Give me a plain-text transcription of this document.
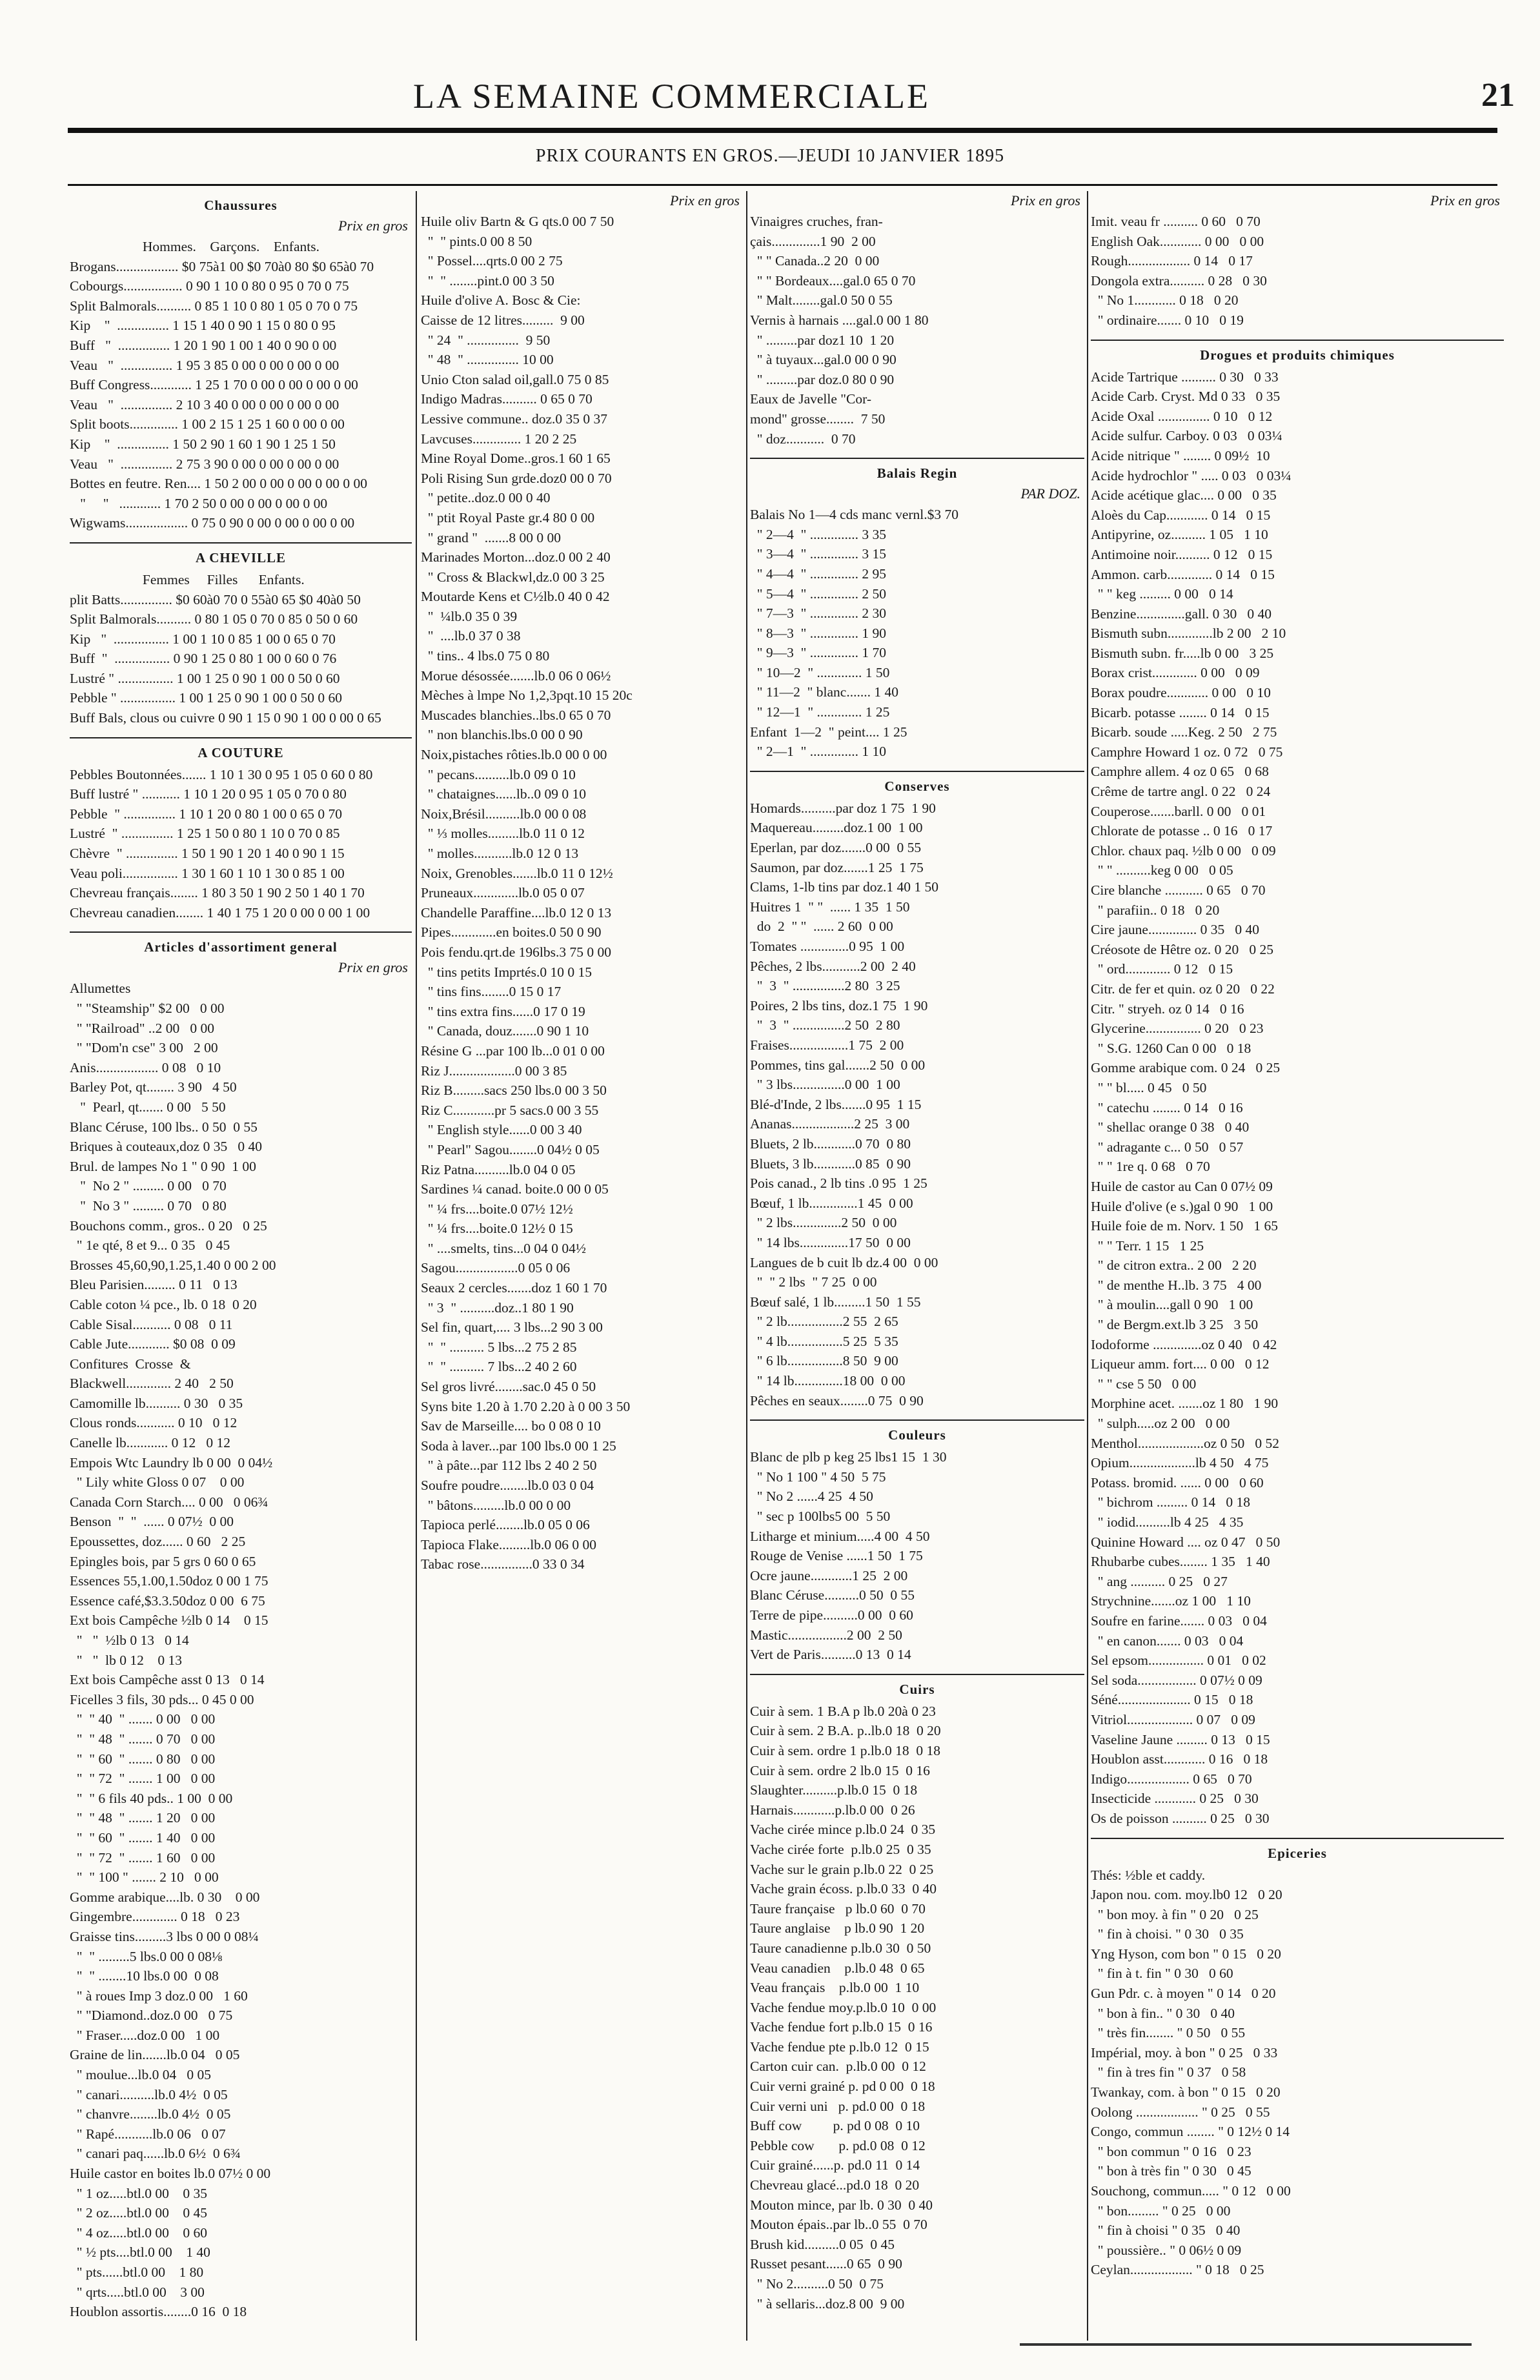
LA SEMAINE COMMERCIALE	21
PRIX COURANTS EN GROS.—JEUDI 10 JANVIER 1895
Chaussures
Prix en gros
Hommes.    Garçons.    Enfants.
Brogans.................. $0 75à1 00 $0 70à0 80 $0 65à0 70
Cobourgs................. 0 90 1 10 0 80 0 95 0 70 0 75
Split Balmorals.......... 0 85 1 10 0 80 1 05 0 70 0 75
Kip    "  ............... 1 15 1 40 0 90 1 15 0 80 0 95
Buff   "  ............... 1 20 1 90 1 00 1 40 0 90 0 00
Veau   "  ............... 1 95 3 85 0 00 0 00 0 00 0 00
Buff Congress............ 1 25 1 70 0 00 0 00 0 00 0 00
Veau   "  ............... 2 10 3 40 0 00 0 00 0 00 0 00
Split boots.............. 1 00 2 15 1 25 1 60 0 00 0 00
Kip    "  ............... 1 50 2 90 1 60 1 90 1 25 1 50
Veau   "  ............... 2 75 3 90 0 00 0 00 0 00 0 00
Bottes en feutre. Ren.... 1 50 2 00 0 00 0 00 0 00 0 00
"     "   ............ 1 70 2 50 0 00 0 00 0 00 0 00
Wigwams.................. 0 75 0 90 0 00 0 00 0 00 0 00
A CHEVILLE
Femmes     Filles      Enfants.
plit Batts............... $0 60à0 70 0 55à0 65 $0 40à0 50
Split Balmorals.......... 0 80 1 05 0 70 0 85 0 50 0 60
Kip   "  ................ 1 00 1 10 0 85 1 00 0 65 0 70
Buff  "  ................ 0 90 1 25 0 80 1 00 0 60 0 76
Lustré " ................ 1 00 1 25 0 90 1 00 0 50 0 60
Pebble " ................ 1 00 1 25 0 90 1 00 0 50 0 60
Buff Bals, clous ou cuivre 0 90 1 15 0 90 1 00 0 00 0 65
A COUTURE
Pebbles Boutonnées....... 1 10 1 30 0 95 1 05 0 60 0 80
Buff lustré " ........... 1 10 1 20 0 95 1 05 0 70 0 80
Pebble  " ............... 1 10 1 20 0 80 1 00 0 65 0 70
Lustré  " ............... 1 25 1 50 0 80 1 10 0 70 0 85
Chèvre  " ............... 1 50 1 90 1 20 1 40 0 90 1 15
Veau poli................ 1 30 1 60 1 10 1 30 0 85 1 00
Chevreau français........ 1 80 3 50 1 90 2 50 1 40 1 70
Chevreau canadien........ 1 40 1 75 1 20 0 00 0 00 1 00
Articles d'assortiment general
Prix en gros
Allumettes
" "Steamship" $2 00   0 00
" "Railroad" ..2 00   0 00
" "Dom'n cse" 3 00   2 00
Anis.................. 0 08   0 10
Barley Pot, qt........ 3 90   4 50
"  Pearl, qt....... 0 00   5 50
Blanc Céruse, 100 lbs.. 0 50  0 55
Briques à couteaux,doz 0 35   0 40
Brul. de lampes No 1 " 0 90  1 00
"  No 2 " ......... 0 00   0 70
"  No 3 " ......... 0 70   0 80
Bouchons comm., gros.. 0 20   0 25
" 1e qté, 8 et 9... 0 35   0 45
Brosses 45,60,90,1.25,1.40 0 00 2 00
Bleu Parisien......... 0 11   0 13
Cable coton ¼ pce., lb. 0 18  0 20
Cable Sisal........... 0 08   0 11
Cable Jute............ $0 08  0 09
Confitures  Crosse  &
Blackwell............. 2 40   2 50
Camomille lb.......... 0 30   0 35
Clous ronds........... 0 10   0 12
Canelle lb............ 0 12   0 12
Empois Wtc Laundry lb 0 00  0 04½
" Lily white Gloss 0 07    0 00
Canada Corn Starch.... 0 00   0 06¾
Benson  "  "  ...... 0 07½  0 00
Epoussettes, doz...... 0 60   2 25
Epingles bois, par 5 grs 0 60 0 65
Essences 55,1.00,1.50doz 0 00 1 75
Essence café,$3.3.50doz 0 00  6 75
Ext bois Campêche ½lb 0 14    0 15
"   "  ½lb 0 13   0 14
"   "  lb 0 12    0 13
Ext bois Campêche asst 0 13   0 14
Ficelles 3 fils, 30 pds... 0 45 0 00
"  " 40  " ....... 0 00   0 00
"  " 48  " ....... 0 70   0 00
"  " 60  " ....... 0 80   0 00
"  " 72  " ....... 1 00   0 00
"  " 6 fils 40 pds.. 1 00  0 00
"  " 48  " ....... 1 20   0 00
"  " 60  " ....... 1 40   0 00
"  " 72  " ....... 1 60   0 00
"  " 100 " ....... 2 10   0 00
Gomme arabique....lb. 0 30    0 00
Gingembre............. 0 18   0 23
Graisse tins.........3 lbs 0 00 0 08¼
"  " .........5 lbs.0 00 0 08⅛
"  " ........10 lbs.0 00  0 08
" à roues Imp 3 doz.0 00   1 60
" "Diamond..doz.0 00   0 75
" Fraser.....doz.0 00   1 00
Graine de lin.......lb.0 04   0 05
" moulue...lb.0 04   0 05
" canari..........lb.0 4½  0 05
" chanvre........lb.0 4½  0 05
" Rapé...........lb.0 06   0 07
" canari paq......lb.0 6½  0 6¾
Huile castor en boites lb.0 07½ 0 00
" 1 oz.....btl.0 00    0 35
" 2 oz.....btl.0 00    0 45
" 4 oz.....btl.0 00    0 60
" ½ pts....btl.0 00    1 40
" pts......btl.0 00    1 80
" qrts.....btl.0 00    3 00
Houblon assortis........0 16  0 18
Prix en gros
Huile oliv Bartn & G qts.0 00 7 50
"  " pints.0 00 8 50
" Possel....qrts.0 00 2 75
"  " ........pint.0 00 3 50
Huile d'olive A. Bosc & Cie:
Caisse de 12 litres.........  9 00
" 24  " ...............  9 50
" 48  " ............... 10 00
Unio Cton salad oil,gall.0 75 0 85
Indigo Madras.......... 0 65 0 70
Lessive commune.. doz.0 35 0 37
Lavcuses.............. 1 20 2 25
Mine Royal Dome..gros.1 60 1 65
Poli Rising Sun grde.doz0 00 0 70
" petite..doz.0 00 0 40
" ptit Royal Paste gr.4 80 0 00
" grand "  .......8 00 0 00
Marinades Morton...doz.0 00 2 40
" Cross & Blackwl,dz.0 00 3 25
Moutarde Kens et C½lb.0 40 0 42
"  ¼lb.0 35 0 39
"  ....lb.0 37 0 38
" tins.. 4 lbs.0 75 0 80
Morue désossée.......lb.0 06 0 06½
Mèches à lmpe No 1,2,3pqt.10 15 20c
Muscades blanchies..lbs.0 65 0 70
" non blanchis.lbs.0 00 0 90
Noix,pistaches rôties.lb.0 00 0 00
" pecans..........lb.0 09 0 10
" chataignes......lb..0 09 0 10
Noix,Brésil..........lb.0 00 0 08
" ⅓ molles.........lb.0 11 0 12
" molles...........lb.0 12 0 13
Noix, Grenobles.......lb.0 11 0 12½
Pruneaux.............lb.0 05 0 07
Chandelle Paraffine....lb.0 12 0 13
Pipes.............en boites.0 50 0 90
Pois fendu.qrt.de 196lbs.3 75 0 00
" tins petits Imprtés.0 10 0 15
" tins fins........0 15 0 17
" tins extra fins......0 17 0 19
" Canada, douz.......0 90 1 10
Résine G ...par 100 lb...0 01 0 00
Riz J...................0 00 3 85
Riz B.........sacs 250 lbs.0 00 3 50
Riz C............pr 5 sacs.0 00 3 55
" English style......0 00 3 40
" Pearl" Sagou........0 04½ 0 05
Riz Patna..........lb.0 04 0 05
Sardines ¼ canad. boite.0 00 0 05
" ¼ frs....boite.0 07½ 12½
" ¼ frs....boite.0 12½ 0 15
" ....smelts, tins...0 04 0 04½
Sagou..................0 05 0 06
Seaux 2 cercles.......doz 1 60 1 70
" 3  " ..........doz..1 80 1 90
Sel fin, quart,.... 3 lbs...2 90 3 00
"  " .......... 5 lbs...2 75 2 85
"  " .......... 7 lbs...2 40 2 60
Sel gros livré........sac.0 45 0 50
Syns bite 1.20 à 1.70 2.20 à 0 00 3 50
Sav de Marseille.... bo 0 08 0 10
Soda à laver...par 100 lbs.0 00 1 25
" à pâte...par 112 lbs 2 40 2 50
Soufre poudre........lb.0 03 0 04
" bâtons.........lb.0 00 0 00
Tapioca perlé........lb.0 05 0 06
Tapioca Flake.........lb.0 06 0 00
Tabac rose...............0 33 0 34
Prix en gros
Vinaigres cruches, fran-
çais..............1 90  2 00
" " Canada..2 20  0 00
" " Bordeaux....gal.0 65 0 70
" Malt........gal.0 50 0 55
Vernis à harnais ....gal.0 00 1 80
" .........par doz1 10  1 20
" à tuyaux...gal.0 00 0 90
" .........par doz.0 80 0 90
Eaux de Javelle "Cor-
mond" grosse........  7 50
" doz...........  0 70
Balais Regin
PAR DOZ.
Balais No 1—4 cds manc vernl.$3 70
" 2—4  " .............. 3 35
" 3—4  " .............. 3 15
" 4—4  " .............. 2 95
" 5—4  " .............. 2 50
" 7—3  " .............. 2 30
" 8—3  " .............. 1 90
" 9—3  " .............. 1 70
" 10—2  " ............. 1 50
" 11—2  " blanc....... 1 40
" 12—1  " ............. 1 25
Enfant  1—2  " peint.... 1 25
" 2—1  " .............. 1 10
Conserves
Homards..........par doz 1 75  1 90
Maquereau.........doz.1 00  1 00
Eperlan, par doz.......0 00  0 55
Saumon, par doz.......1 25  1 75
Clams, 1-lb tins par doz.1 40 1 50
Huitres 1  " "  ...... 1 35  1 50
do  2  " "  ...... 2 60  0 00
Tomates ..............0 95  1 00
Pêches, 2 lbs...........2 00  2 40
"  3  " ...............2 80  3 25
Poires, 2 lbs tins, doz.1 75  1 90
"  3  " ...............2 50  2 80
Fraises.................1 75  2 00
Pommes, tins gal.......2 50  0 00
" 3 lbs...............0 00  1 00
Blé-d'Inde, 2 lbs.......0 95  1 15
Ananas..................2 25  3 00
Bluets, 2 lb............0 70  0 80
Bluets, 3 lb............0 85  0 90
Pois canad., 2 lb tins .0 95  1 25
Bœuf, 1 lb..............1 45  0 00
" 2 lbs..............2 50  0 00
" 14 lbs..............17 50  0 00
Langues de b cuit lb dz.4 00  0 00
"  " 2 lbs  " 7 25  0 00
Bœuf salé, 1 lb.........1 50  1 55
" 2 lb................2 55  2 65
" 4 lb................5 25  5 35
" 6 lb................8 50  9 00
" 14 lb..............18 00  0 00
Pêches en seaux........0 75  0 90
Couleurs
Blanc de plb p keg 25 lbs1 15  1 30
" No 1 100 " 4 50  5 75
" No 2 ......4 25  4 50
" sec p 100lbs5 00  5 50
Litharge et minium.....4 00  4 50
Rouge de Venise ......1 50  1 75
Ocre jaune............1 25  2 00
Blanc Céruse..........0 50  0 55
Terre de pipe..........0 00  0 60
Mastic.................2 00  2 50
Vert de Paris..........0 13  0 14
Cuirs
Cuir à sem. 1 B.A p lb.0 20à 0 23
Cuir à sem. 2 B.A. p..lb.0 18  0 20
Cuir à sem. ordre 1 p.lb.0 18  0 18
Cuir à sem. ordre 2 lb.0 15  0 16
Slaughter..........p.lb.0 15  0 18
Harnais............p.lb.0 00  0 26
Vache cirée mince p.lb.0 24  0 35
Vache cirée forte  p.lb.0 25  0 35
Vache sur le grain p.lb.0 22  0 25
Vache grain écoss. p.lb.0 33  0 40
Taure française   p lb.0 60  0 70
Taure anglaise    p lb.0 90  1 20
Taure canadienne p.lb.0 30  0 50
Veau canadien    p.lb.0 48  0 65
Veau français    p.lb.0 00  1 10
Vache fendue moy.p.lb.0 10  0 00
Vache fendue fort p.lb.0 15  0 16
Vache fendue pte p.lb.0 12  0 15
Carton cuir can.  p.lb.0 00  0 12
Cuir verni grainé p. pd 0 00  0 18
Cuir verni uni   p. pd.0 00  0 18
Buff cow         p. pd 0 08  0 10
Pebble cow       p. pd.0 08  0 12
Cuir grainé......p. pd.0 11  0 14
Chevreau glacé...pd.0 18  0 20
Mouton mince, par lb. 0 30  0 40
Mouton épais..par lb..0 55  0 70
Brush kid..........0 05  0 45
Russet pesant......0 65  0 90
" No 2..........0 50  0 75
" à sellaris...doz.8 00  9 00
Prix en gros
Imit. veau fr .......... 0 60   0 70
English Oak............ 0 00   0 00
Rough.................. 0 14   0 17
Dongola extra.......... 0 28   0 30
" No 1............ 0 18   0 20
" ordinaire....... 0 10   0 19
Drogues et produits chimiques
Acide Tartrique .......... 0 30   0 33
Acide Carb. Cryst. Md 0 33   0 35
Acide Oxal ............... 0 10   0 12
Acide sulfur. Carboy. 0 03   0 03¼
Acide nitrique " ........ 0 09½  10
Acide hydrochlor " ..... 0 03   0 03¼
Acide acétique glac.... 0 00   0 35
Aloès du Cap............ 0 14   0 15
Antipyrine, oz.......... 1 05   1 10
Antimoine noir.......... 0 12   0 15
Ammon. carb............. 0 14   0 15
" " keg ......... 0 00   0 14
Benzine..............gall. 0 30   0 40
Bismuth subn.............lb 2 00   2 10
Bismuth subn. fr.....lb 0 00   3 25
Borax crist............. 0 00   0 09
Borax poudre............ 0 00   0 10
Bicarb. potasse ........ 0 14   0 15
Bicarb. soude .....Keg. 2 50   2 75
Camphre Howard 1 oz. 0 72   0 75
Camphre allem. 4 oz 0 65   0 68
Crême de tartre angl. 0 22   0 24
Couperose.......barll. 0 00   0 01
Chlorate de potasse .. 0 16   0 17
Chlor. chaux paq. ½lb 0 00   0 09
" " ..........keg 0 00   0 05
Cire blanche ........... 0 65   0 70
" parafiin.. 0 18   0 20
Cire jaune.............. 0 35   0 40
Créosote de Hêtre oz. 0 20   0 25
" ord............. 0 12   0 15
Citr. de fer et quin. oz 0 20   0 22
Citr. " stryeh. oz 0 14   0 16
Glycerine................ 0 20   0 23
" S.G. 1260 Can 0 00   0 18
Gomme arabique com. 0 24   0 25
" " bl..... 0 45   0 50
" catechu ........ 0 14   0 16
" shellac orange 0 38   0 40
" adragante c... 0 50   0 57
" " 1re q. 0 68   0 70
Huile de castor au Can 0 07½ 09
Huile d'olive (e s.)gal 0 90   1 00
Huile foie de m. Norv. 1 50   1 65
" " Terr. 1 15   1 25
" de citron extra.. 2 00   2 20
" de menthe H..lb. 3 75   4 00
" à moulin....gall 0 90   1 00
" de Bergm.ext.lb 3 25   3 50
Iodoforme ..............oz 0 40   0 42
Liqueur amm. fort.... 0 00   0 12
" " cse 5 50   0 00
Morphine acet. .......oz 1 80   1 90
" sulph.....oz 2 00   0 00
Menthol...................oz 0 50   0 52
Opium...................lb 4 50   4 75
Potass. bromid. ...... 0 00   0 60
" bichrom ......... 0 14   0 18
" iodid..........lb 4 25   4 35
Quinine Howard .... oz 0 47   0 50
Rhubarbe cubes........ 1 35   1 40
" ang .......... 0 25   0 27
Strychnine.......oz 1 00   1 10
Soufre en farine....... 0 03   0 04
" en canon....... 0 03   0 04
Sel epsom................ 0 01   0 02
Sel soda................. 0 07½ 0 09
Séné..................... 0 15   0 18
Vitriol................... 0 07   0 09
Vaseline Jaune ......... 0 13   0 15
Houblon asst............ 0 16   0 18
Indigo.................. 0 65   0 70
Insecticide ............ 0 25   0 30
Os de poisson .......... 0 25   0 30
Epiceries
Thés: ½ble et caddy.
Japon nou. com. moy.lb0 12   0 20
" bon moy. à fin " 0 20   0 25
" fin à choisi. " 0 30   0 35
Yng Hyson, com bon " 0 15   0 20
" fin à t. fin " 0 30   0 60
Gun Pdr. c. à moyen " 0 14   0 20
" bon à fin.. " 0 30   0 40
" très fin........ " 0 50   0 55
Impérial, moy. à bon " 0 25   0 33
" fin à tres fin " 0 37   0 58
Twankay, com. à bon " 0 15   0 20
Oolong .................. " 0 25   0 55
Congo, commun ........ " 0 12½ 0 14
" bon commun " 0 16   0 23
" bon à très fin " 0 30   0 45
Souchong, commun..... " 0 12   0 00
" bon......... " 0 25   0 00
" fin à choisi " 0 35   0 40
" poussière.. " 0 06½ 0 09
Ceylan.................. " 0 18   0 25
